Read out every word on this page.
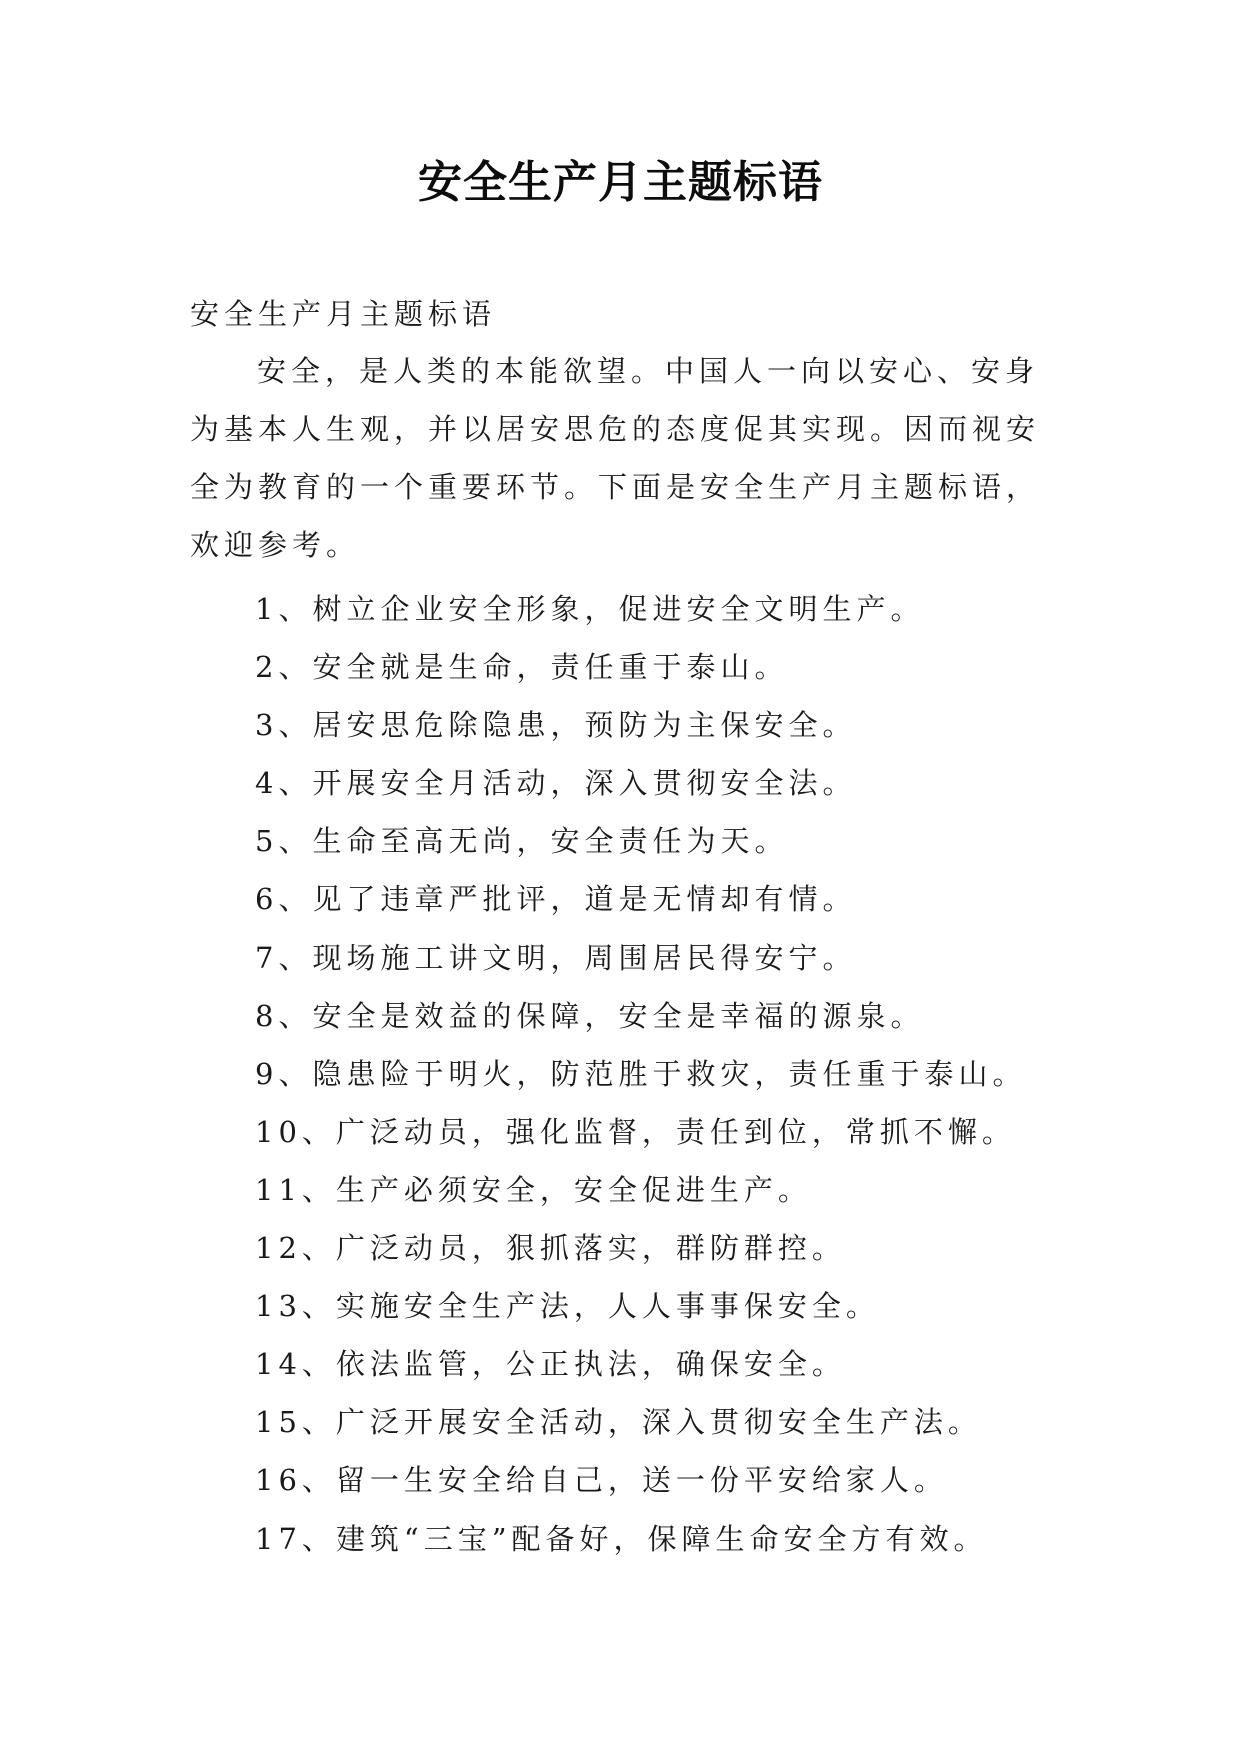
安全生产月主题标语
安全生产月主题标语
安全，是人类的本能欲望。中国人一向以安心、安身为基本人生观，并以居安思危的态度促其实现。因而视安全为教育的一个重要环节。下面是安全生产月主题标语，欢迎参考。
1、树立企业安全形象，促进安全文明生产。
2、安全就是生命，责任重于泰山。
3、居安思危除隐患，预防为主保安全。
4、开展安全月活动，深入贯彻安全法。
5、生命至高无尚，安全责任为天。
6、见了违章严批评，道是无情却有情。
7、现场施工讲文明，周围居民得安宁。
8、安全是效益的保障，安全是幸福的源泉。
9、隐患险于明火，防范胜于救灾，责任重于泰山。
10、广泛动员，强化监督，责任到位，常抓不懈。
11、生产必须安全，安全促进生产。
12、广泛动员，狠抓落实，群防群控。
13、实施安全生产法，人人事事保安全。
14、依法监管，公正执法，确保安全。
15、广泛开展安全活动，深入贯彻安全生产法。
16、留一生安全给自己，送一份平安给家人。
17、建筑“三宝”配备好，保障生命安全方有效。
